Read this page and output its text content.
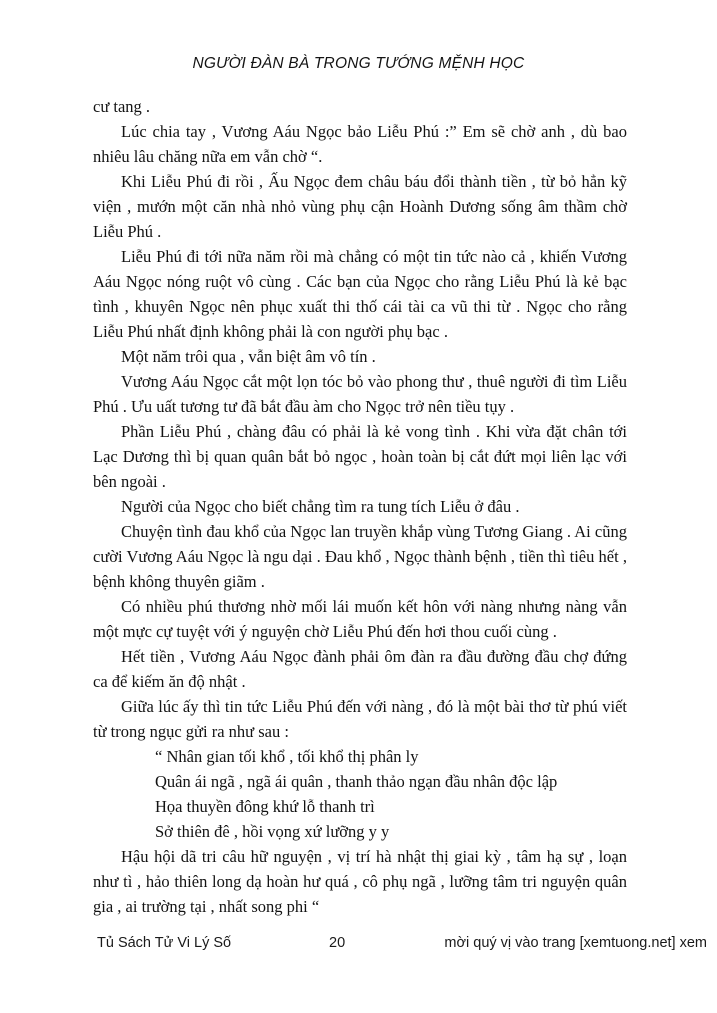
NGƯỜI ĐÀN BÀ TRONG TƯỚNG MỆNH HỌC

cư tang .

Lúc chia tay , Vương Aáu Ngọc bảo Liễu Phú :” Em sẽ chờ anh , dù bao nhiêu lâu chăng nữa em vẫn chờ “.

Khi Liễu Phú đi rồi , Ấu Ngọc đem châu báu đổi thành tiền , từ bỏ hẳn kỹ viện , mướn một căn nhà nhỏ vùng phụ cận Hoành Dương sống âm thầm chờ Liễu Phú .

Liễu Phú đi tới nữa năm rồi mà chẳng có một tin tức nào cả , khiến Vương Aáu Ngọc nóng ruột vô cùng . Các bạn của Ngọc cho rằng Liễu Phú là kẻ bạc tình , khuyên Ngọc nên phục xuất thi thố cái tài ca vũ thi từ . Ngọc cho rằng Liễu Phú nhất định không phải là con người phụ bạc .

Một năm trôi qua , vẫn biệt âm vô tín .

Vương Aáu Ngọc cắt một lọn tóc bỏ vào phong thư , thuê người đi tìm Liễu Phú . Ưu uất tương tư đã bắt đầu àm cho Ngọc trở nên tiều tụy .

Phần Liễu Phú , chàng đâu có phải là kẻ vong tình . Khi vừa đặt chân tới Lạc Dương thì bị quan quân bắt bỏ ngọc , hoàn toàn bị cắt đứt mọi liên lạc với bên ngoài .

Người của Ngọc cho biết chẳng tìm ra tung tích Liễu ở đâu .

Chuyện tình đau khổ của Ngọc lan truyền khắp vùng Tương Giang . Ai cũng cười Vương Aáu Ngọc là ngu dại . Đau khổ , Ngọc thành bệnh , tiền thì tiêu hết , bệnh không thuyên giãm .

Có nhiều phú thương nhờ mối lái muốn kết hôn với nàng nhưng nàng vẫn một mực cự tuyệt với ý nguyện chờ Liễu Phú đến hơi thou cuối cùng .

Hết tiền , Vương Aáu Ngọc đành phải ôm đàn ra đầu đường đầu chợ đứng ca để kiếm ăn độ nhật .

Giữa lúc ấy thì tin tức Liễu Phú đến với nàng , đó là một bài thơ từ phú viết từ trong ngục gửi ra như sau :

“ Nhân gian tối khổ , tối khổ thị phân ly

Quân ái ngã , ngã ái quân , thanh thảo ngạn đầu nhân độc lập

Họa thuyền đông khứ lỗ thanh trì

Sở thiên đê , hồi vọng xứ lưỡng y y

Hậu hội dã tri câu hữ nguyện , vị trí hà nhật thị giai kỳ , tâm hạ sự , loạn như tì , hảo thiên long dạ hoàn hư quá , cô phụ ngã , lưỡng tâm tri nguyện quân gia , ai trường tại , nhất song phi “

Tủ Sách Tử Vi Lý Số	20	mời quý vị vào trang [xemtuong.net] xem
